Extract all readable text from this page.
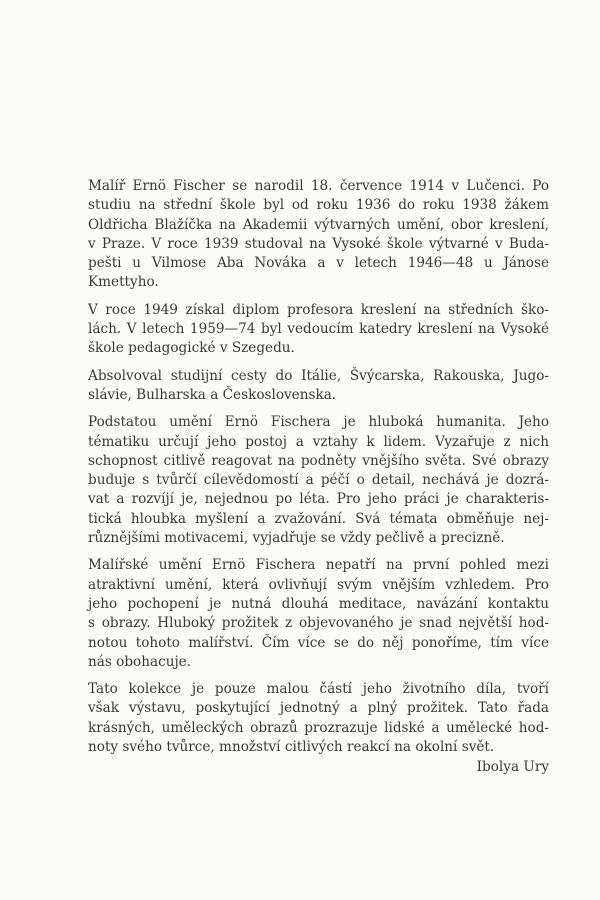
Malíř Ernö Fischer se narodil 18. července 1914 v Lučenci. Po
studiu na střední škole byl od roku 1936 do roku 1938 žákem
Oldřicha Blažíčka na Akademii výtvarných umění, obor kreslení,
v Praze. V roce 1939 studoval na Vysoké škole výtvarné v Buda-
pešti u Vilmose Aba Nováka a v letech 1946—48 u Jánose
Kmettyho.
V roce 1949 získal diplom profesora kreslení na středních ško-
lách. V letech 1959—74 byl vedoucím katedry kreslení na Vysoké
škole pedagogické v Szegedu.
Absolvoval studijní cesty do Itálie, Švýcarska, Rakouska, Jugo-
slávie, Bulharska a Československa.
Podstatou umění Ernö Fischera je hluboká humanita. Jeho
tématiku určují jeho postoj a vztahy k lidem. Vyzařuje z nich
schopnost citlivě reagovat na podněty vnějšího světa. Své obrazy
buduje s tvůrčí cílevědomostí a péčí o detail, nechává je dozrá-
vat a rozvíjí je, nejednou po léta. Pro jeho práci je charakteris-
tická hloubka myšlení a zvažování. Svá témata obměňuje nej-
různějšími motivacemi, vyjadřuje se vždy pečlivě a precizně.
Malířské umění Ernö Fischera nepatří na první pohled mezi
atraktivní umění, která ovlivňují svým vnějším vzhledem. Pro
jeho pochopení je nutná dlouhá meditace, navázání kontaktu
s obrazy. Hluboký prožitek z objevovaného je snad největší hod-
notou tohoto malířství. Čím více se do něj ponoříme, tím více
nás obohacuje.
Tato kolekce je pouze malou částí jeho životního díla, tvoří
však výstavu, poskytující jednotný a plný prožitek. Tato řada
krásných, uměleckých obrazů prozrazuje lidské a umělecké hod-
noty svého tvůrce, množství citlivých reakcí na okolní svět.
Ibolya Ury
